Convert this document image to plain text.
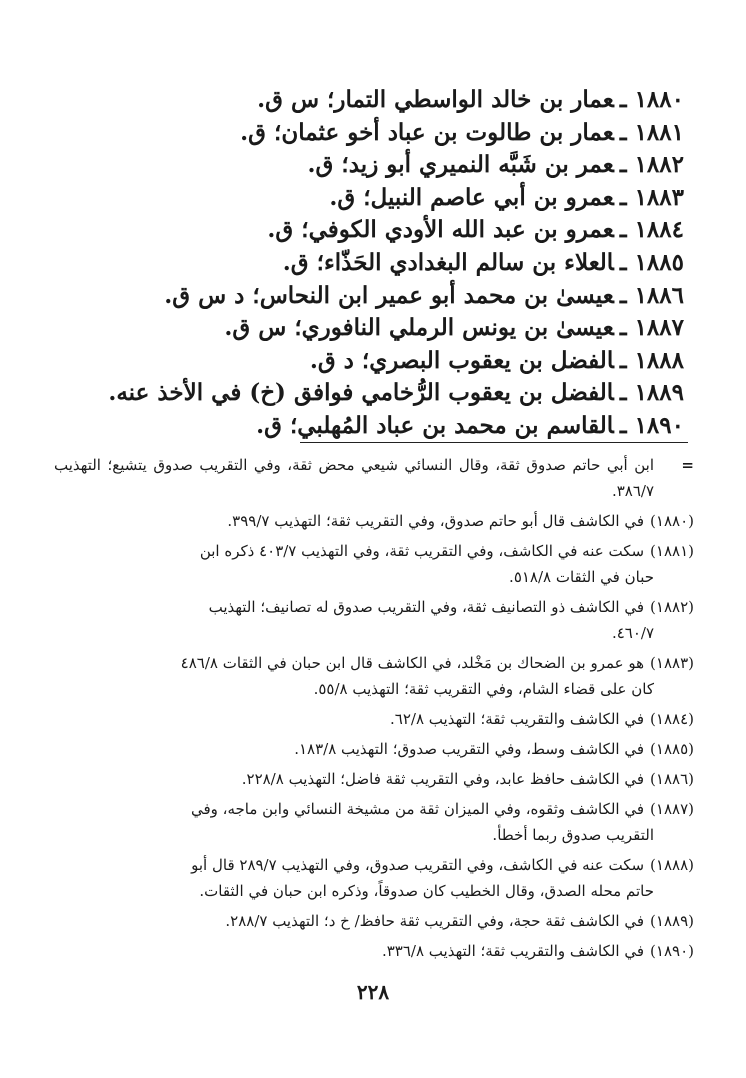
١٨٨٠ ـعمار بن خالد الواسطي التمار؛ س ق.
١٨٨١ ـعمار بن طالوت بن عباد أخو عثمان؛ ق.
١٨٨٢ ـعمر بن شَبَّه النميري أبو زيد؛ ق.
١٨٨٣ ـعمرو بن أبي عاصم النبيل؛ ق.
١٨٨٤ ـعمرو بن عبد الله الأودي الكوفي؛ ق.
١٨٨٥ ـالعلاء بن سالم البغدادي الحَذّاء؛ ق.
١٨٨٦ ـعيسىٰ بن محمد أبو عمير ابن النحاس؛ د س ق.
١٨٨٧ ـعيسىٰ بن يونس الرملي النافوري؛ س ق.
١٨٨٨ ـالفضل بن يعقوب البصري؛ د ق.
١٨٨٩ ـالفضل بن يعقوب الرُّخامي فوافق (خ) في الأخذ عنه.
١٨٩٠ ـالقاسم بن محمد بن عباد المُهلبي؛ ق.
=
ابن أبي حاتم صدوق ثقة، وقال النسائي شيعي محض ثقة، وفي التقريب صدوق يتشيع؛ التهذيب ٣٨٦/٧.
(١٨٨٠)في الكاشف قال أبو حاتم صدوق، وفي التقريب ثقة؛ التهذيب ٣٩٩/٧.
(١٨٨١)سكت عنه في الكاشف، وفي التقريب ثقة، وفي التهذيب ٤٠٣/٧ ذكره ابن
حبان في الثقات ٥١٨/٨.
(١٨٨٢)في الكاشف ذو التصانيف ثقة، وفي التقريب صدوق له تصانيف؛ التهذيب
٤٦٠/٧.
(١٨٨٣)هو عمرو بن الضحاك بن مَخْلد، في الكاشف قال ابن حبان في الثقات ٤٨٦/٨
كان على قضاء الشام، وفي التقريب ثقة؛ التهذيب ٥٥/٨.
(١٨٨٤)في الكاشف والتقريب ثقة؛ التهذيب ٦٢/٨.
(١٨٨٥)في الكاشف وسط، وفي التقريب صدوق؛ التهذيب ١٨٣/٨.
(١٨٨٦)في الكاشف حافظ عابد، وفي التقريب ثقة فاضل؛ التهذيب ٢٢٨/٨.
(١٨٨٧)في الكاشف وثقوه، وفي الميزان ثقة من مشيخة النسائي وابن ماجه، وفي
التقريب صدوق ربما أخطأ.
(١٨٨٨)سكت عنه في الكاشف، وفي التقريب صدوق، وفي التهذيب ٢٨٩/٧ قال أبو
حاتم محله الصدق، وقال الخطيب كان صدوقاً، وذكره ابن حبان في الثقات.
(١٨٨٩)في الكاشف ثقة حجة، وفي التقريب ثقة حافظ/ خ د؛ التهذيب ٢٨٨/٧.
(١٨٩٠)في الكاشف والتقريب ثقة؛ التهذيب ٣٣٦/٨.
٢٢٨
